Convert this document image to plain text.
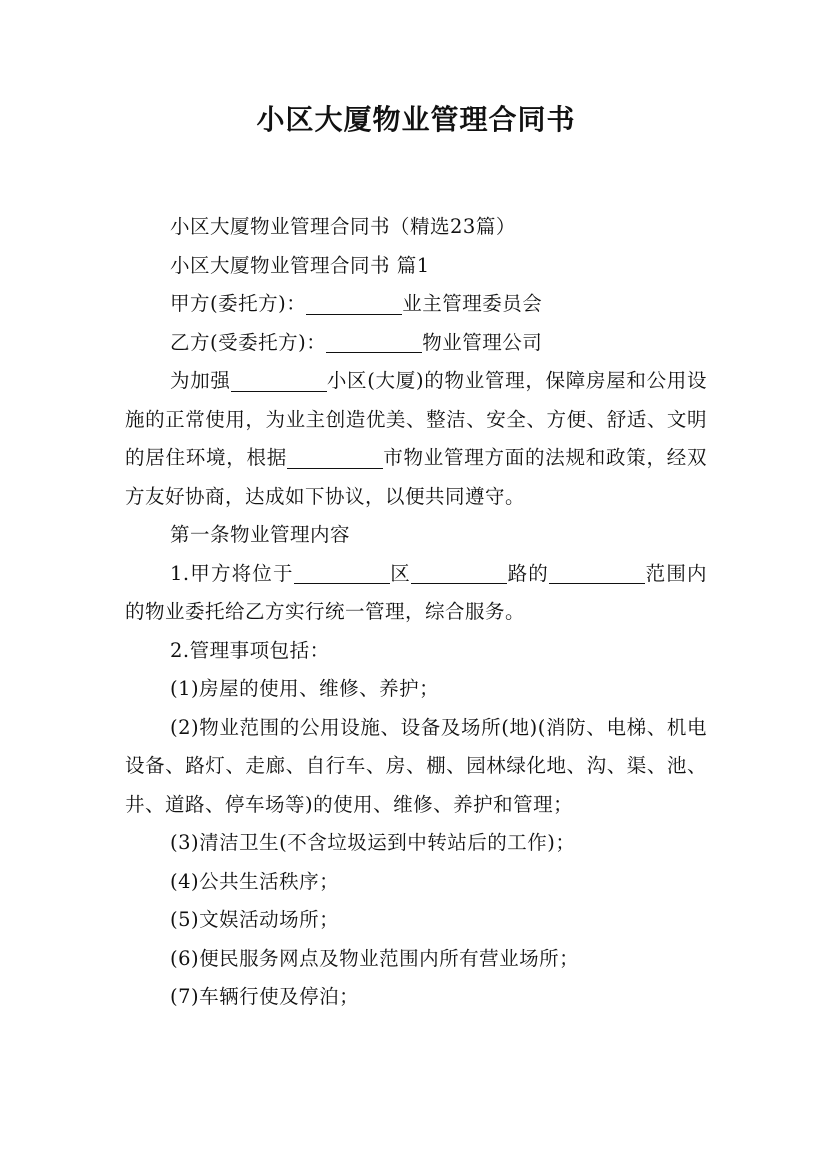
小区大厦物业管理合同书

小区大厦物业管理合同书（精选23篇）

小区大厦物业管理合同书 篇1

甲方(委托方)：	业主管理委员会

乙方(受委托方)：	物业管理公司

为加强	小区(大厦)的物业管理，保障房屋和公用设施的正常使用，为业主创造优美、整洁、安全、方便、舒适、文明的居住环境，根据	市物业管理方面的法规和政策，经双方友好协商，达成如下协议，以便共同遵守。

第一条物业管理内容

1.甲方将位于	区	路的	范围内的物业委托给乙方实行统一管理，综合服务。

2.管理事项包括：

(1)房屋的使用、维修、养护；

(2)物业范围的公用设施、设备及场所(地)(消防、电梯、机电设备、路灯、走廊、自行车、房、棚、园林绿化地、沟、渠、池、井、道路、停车场等)的使用、维修、养护和管理；

(3)清洁卫生(不含垃圾运到中转站后的工作)；

(4)公共生活秩序；

(5)文娱活动场所；

(6)便民服务网点及物业范围内所有营业场所；

(7)车辆行使及停泊；
